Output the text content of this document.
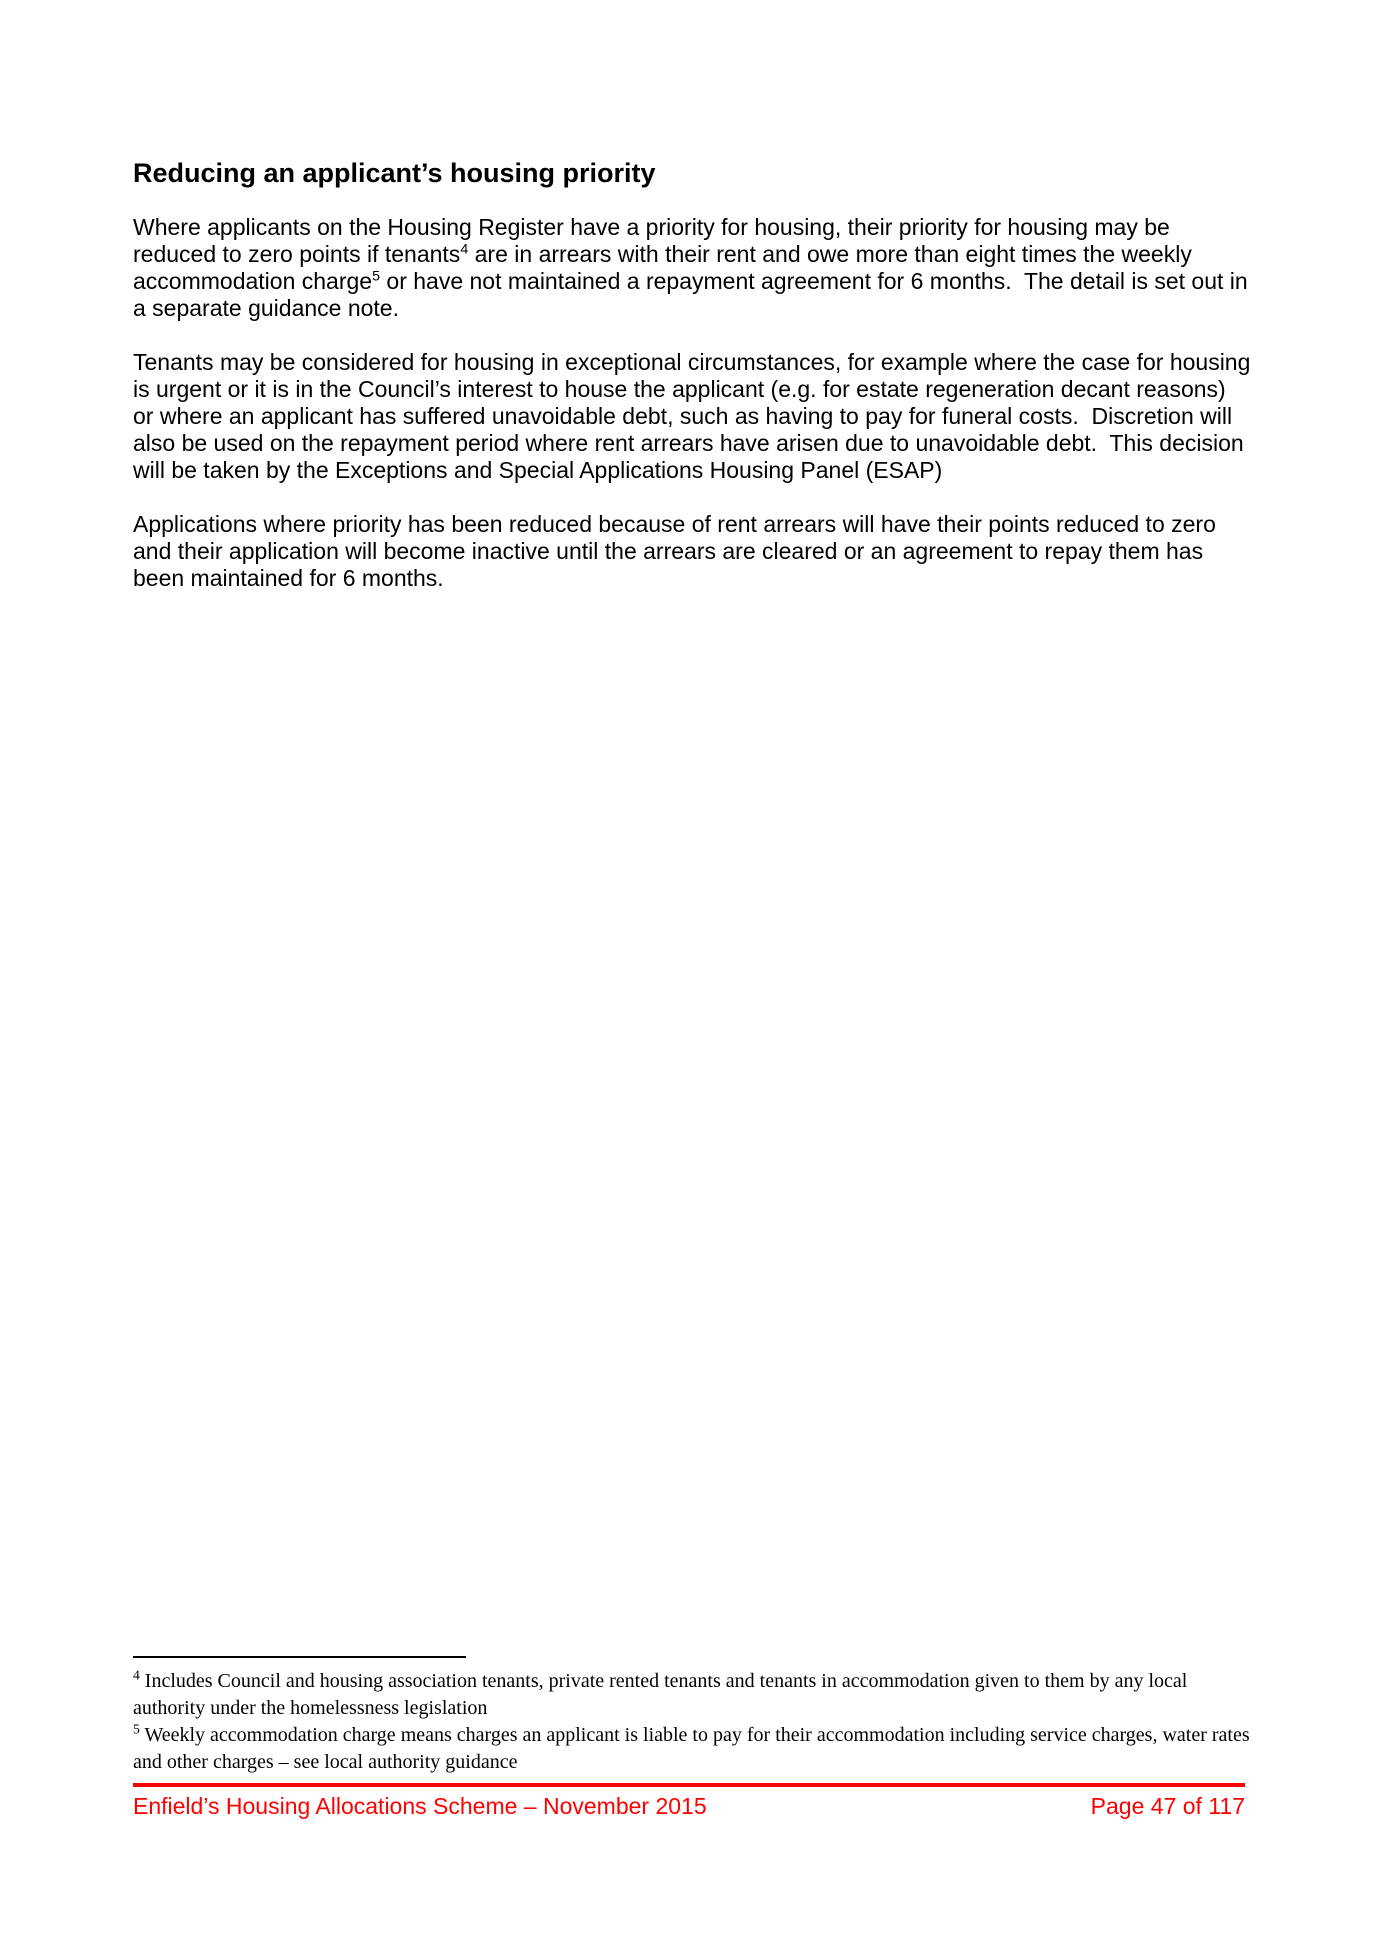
Reducing an applicant’s housing priority

Where applicants on the Housing Register have a priority for housing, their priority for housing may be reduced to zero points if tenants$^4$ are in arrears with their rent and owe more than eight times the weekly accommodation charge$^5$ or have not maintained a repayment agreement for 6 months.  The detail is set out in a separate guidance note.

Tenants may be considered for housing in exceptional circumstances, for example where the case for housing is urgent or it is in the Council’s interest to house the applicant (e.g. for estate regeneration decant reasons) or where an applicant has suffered unavoidable debt, such as having to pay for funeral costs.  Discretion will also be used on the repayment period where rent arrears have arisen due to unavoidable debt.  This decision will be taken by the Exceptions and Special Applications Housing Panel (ESAP)

Applications where priority has been reduced because of rent arrears will have their points reduced to zero and their application will become inactive until the arrears are cleared or an agreement to repay them has been maintained for 6 months.

$^4$ Includes Council and housing association tenants, private rented tenants and tenants in accommodation given to them by any local authority under the homelessness legislation

$^5$ Weekly accommodation charge means charges an applicant is liable to pay for their accommodation including service charges, water rates and other charges – see local authority guidance

Enfield’s Housing Allocations Scheme – November 2015	Page 47 of 117
